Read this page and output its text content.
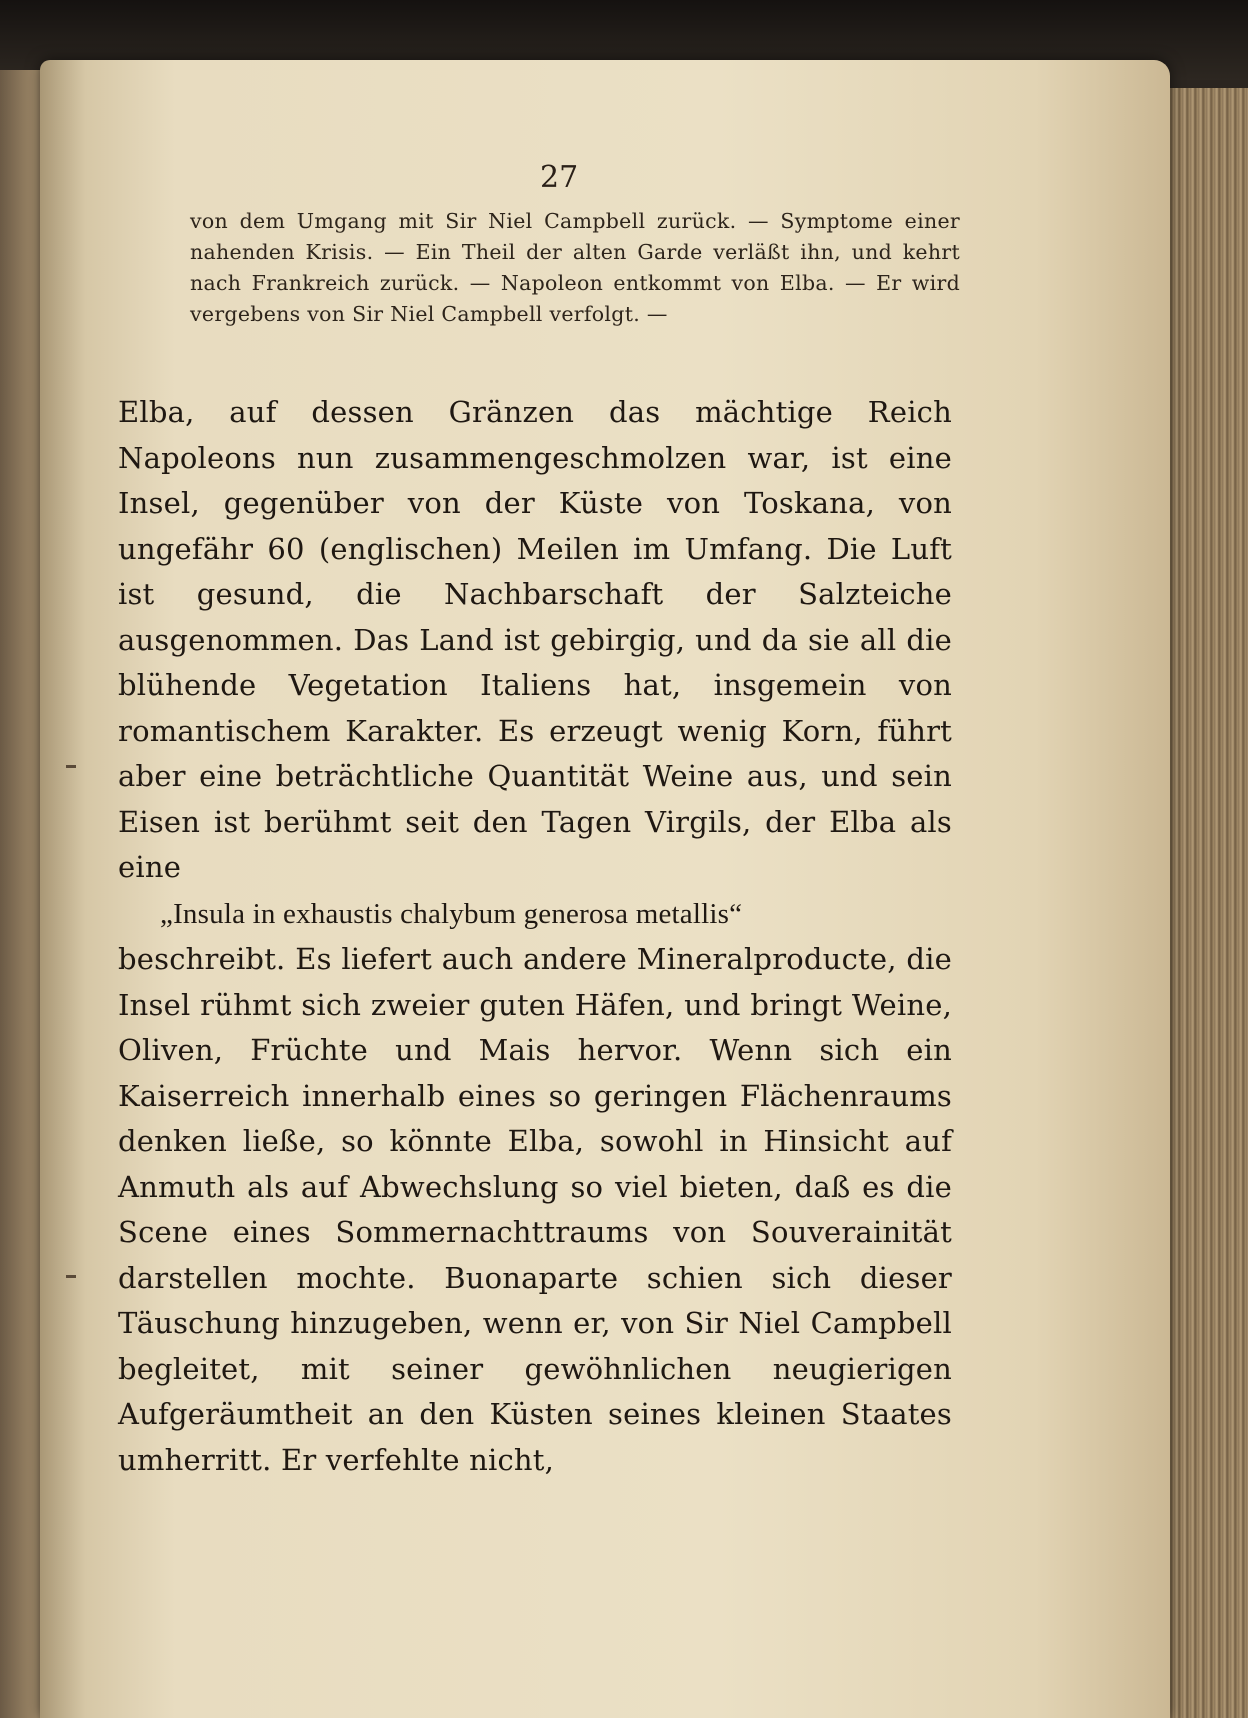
27
von dem Umgang mit Sir Niel Campbell zurück. — Symptome einer nahenden Krisis. — Ein Theil der alten Garde verläßt ihn, und kehrt nach Frankreich zurück. — Napoleon entkommt von Elba. — Er wird vergebens von Sir Niel Campbell verfolgt. —

Elba, auf dessen Gränzen das mächtige Reich Napoleons nun zusammengeschmolzen war, ist eine Insel, gegenüber von der Küste von Toskana, von ungefähr 60 (englischen) Meilen im Umfang. Die Luft ist gesund, die Nachbarschaft der Salzteiche ausgenommen. Das Land ist gebirgig, und da sie all die blühende Vegetation Italiens hat, insgemein von romantischem Karakter. Es erzeugt wenig Korn, führt aber eine beträchtliche Quantität Weine aus, und sein Eisen ist berühmt seit den Tagen Virgils, der Elba als eine

„Insula in exhaustis chalybum generosa metallis“

beschreibt. Es liefert auch andere Mineralproducte, die Insel rühmt sich zweier guten Häfen, und bringt Weine, Oliven, Früchte und Mais hervor. Wenn sich ein Kaiserreich innerhalb eines so geringen Flächenraums denken ließe, so könnte Elba, sowohl in Hinsicht auf Anmuth als auf Abwechslung so viel bieten, daß es die Scene eines Sommernachttraums von Souverainität darstellen mochte. Buonaparte schien sich dieser Täuschung hinzugeben, wenn er, von Sir Niel Campbell begleitet, mit seiner gewöhnlichen neugierigen Aufgeräumtheit an den Küsten seines kleinen Staates umherritt. Er verfehlte nicht,
